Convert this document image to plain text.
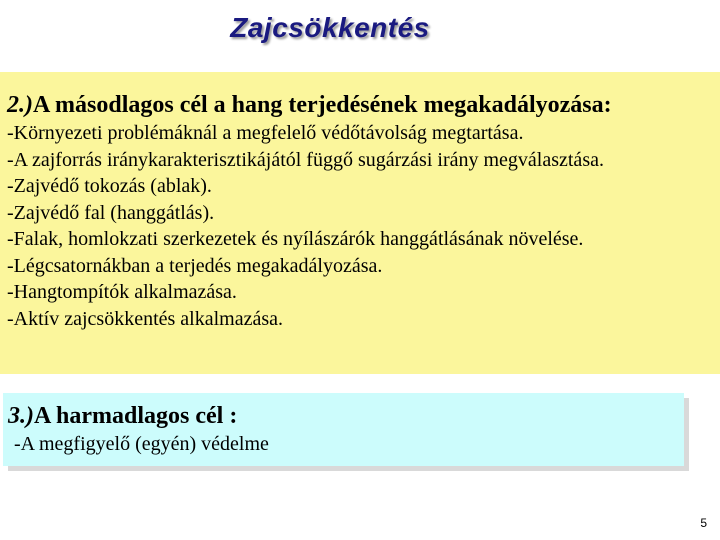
Zajcsökkentés
2.)A másodlagos cél a hang terjedésének megakadályozása:
-Környezeti problémáknál a megfelelő védőtávolság megtartása.
-A zajforrás iránykarakterisztikájától függő sugárzási irány megválasztása.
-Zajvédő tokozás (ablak).
-Zajvédő fal (hanggátlás).
-Falak, homlokzati szerkezetek és nyílászárók hanggátlásának növelése.
-Légcsatornákban a terjedés megakadályozása.
-Hangtompítók alkalmazása.
-Aktív zajcsökkentés alkalmazása.
3.)A harmadlagos cél :
-A megfigyelő (egyén) védelme
5
